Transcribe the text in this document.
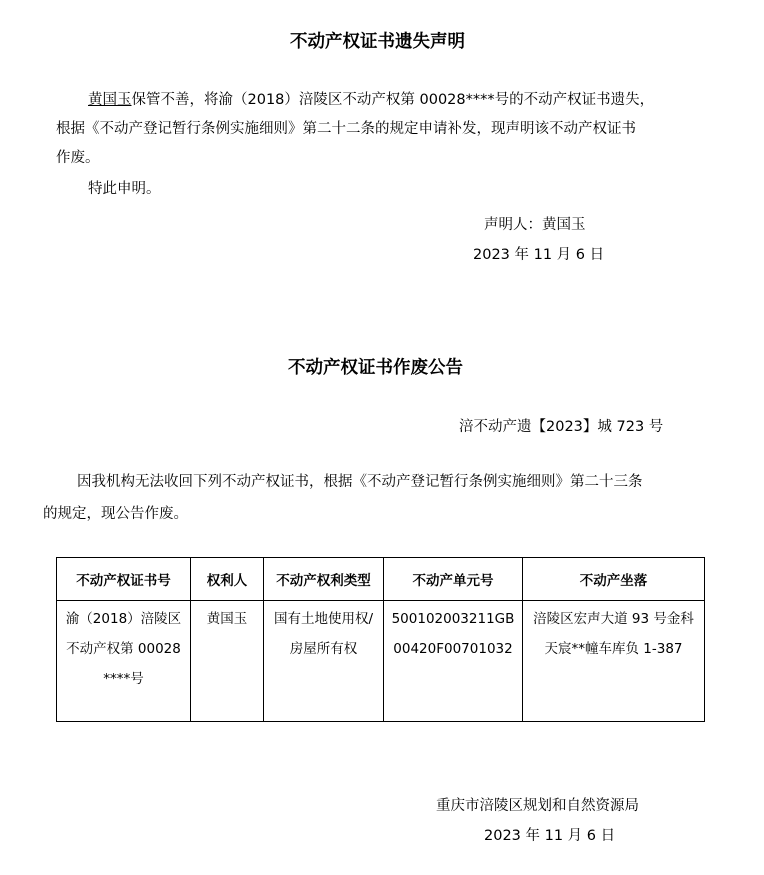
不动产权证书遗失声明
黄国玉保管不善，将渝（2018）涪陵区不动产权第 00028****号的不动产权证书遗失，
根据《不动产登记暂行条例实施细则》第二十二条的规定申请补发，现声明该不动产权证书
作废。
特此申明。
声明人：黄国玉
2023 年 11 月 6 日
不动产权证书作废公告
涪不动产遗【2023】城 723 号
因我机构无法收回下列不动产权证书，根据《不动产登记暂行条例实施细则》第二十三条
的规定，现公告作废。
不动产权证书号	权利人	不动产权利类型	不动产单元号	不动产坐落
渝（2018）涪陵区不动产权第 00028****号	黄国玉	国有土地使用权/房屋所有权	500102003211GB00420F00701032	涪陵区宏声大道 93 号金科天宸**幢车库负 1-387
重庆市涪陵区规划和自然资源局
2023 年 11 月 6 日
